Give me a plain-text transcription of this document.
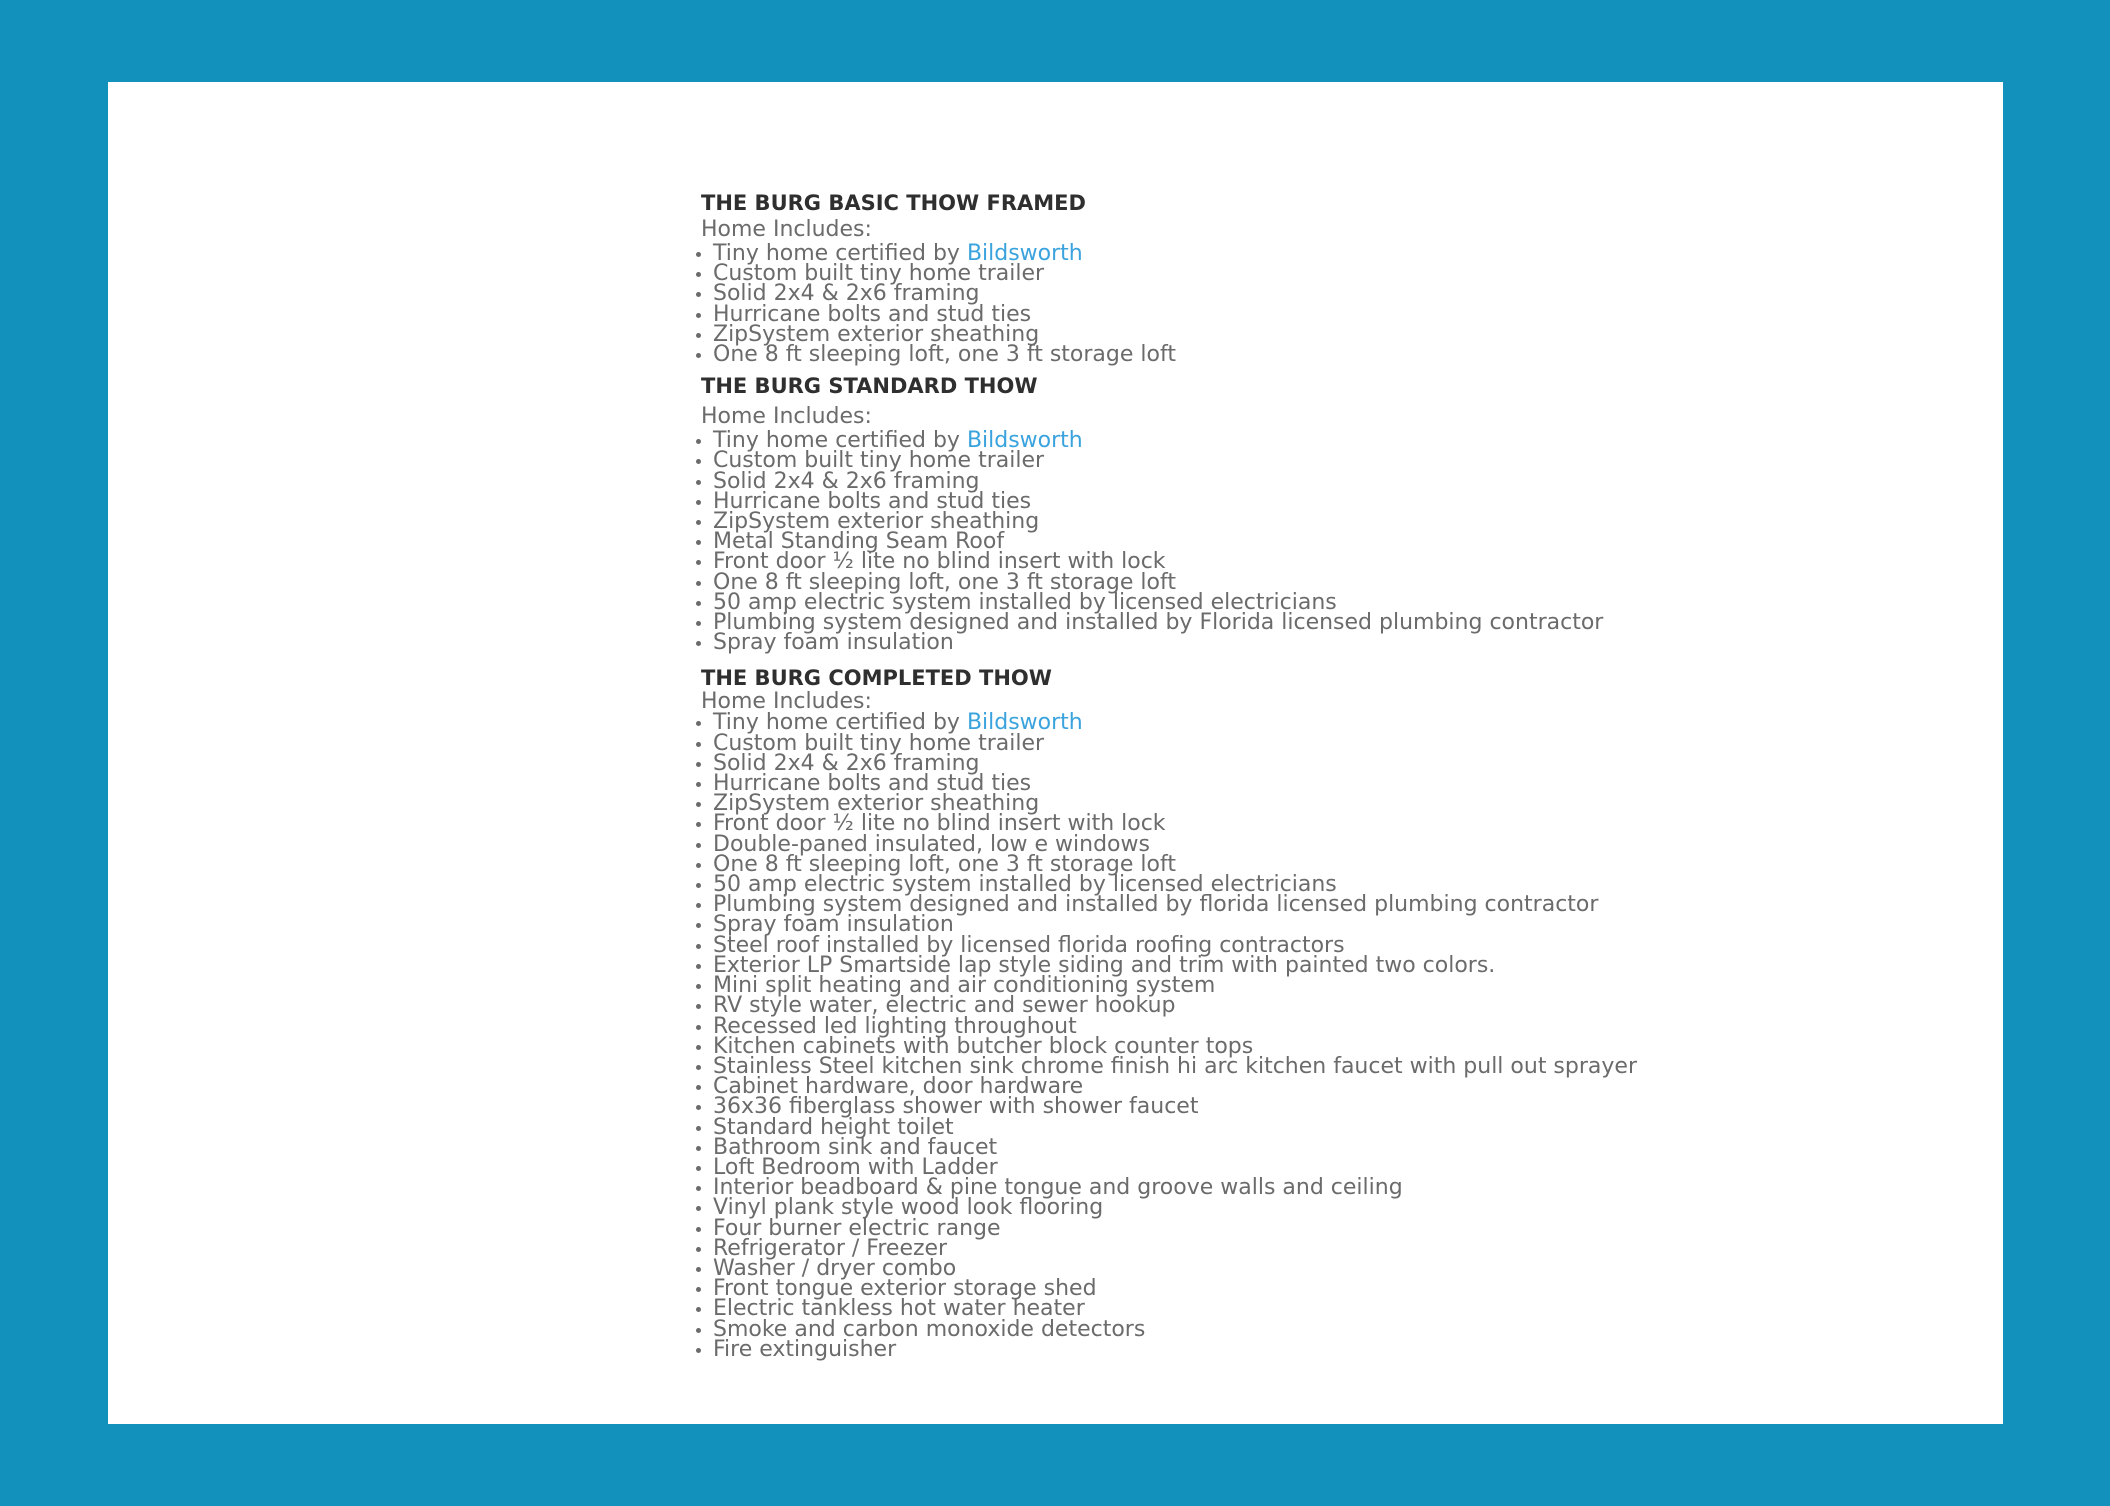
THE BURG BASIC THOW FRAMED

Home Includes:

• Tiny home certified by Bildsworth
• Custom built tiny home trailer
• Solid 2x4 & 2x6 framing
• Hurricane bolts and stud ties
• ZipSystem exterior sheathing
• One 8 ft sleeping loft, one 3 ft storage loft
THE BURG STANDARD THOW

Home Includes:

• Tiny home certified by Bildsworth
• Custom built tiny home trailer
• Solid 2x4 & 2x6 framing
• Hurricane bolts and stud ties
• ZipSystem exterior sheathing
• Metal Standing Seam Roof
• Front door ½ lite no blind insert with lock
• One 8 ft sleeping loft, one 3 ft storage loft
• 50 amp electric system installed by licensed electricians
• Plumbing system designed and installed by Florida licensed plumbing contractor
• Spray foam insulation
THE BURG COMPLETED THOW

Home Includes:

• Tiny home certified by Bildsworth
• Custom built tiny home trailer
• Solid 2x4 & 2x6 framing
• Hurricane bolts and stud ties
• ZipSystem exterior sheathing
• Front door ½ lite no blind insert with lock
• Double-paned insulated, low e windows
• One 8 ft sleeping loft, one 3 ft storage loft
• 50 amp electric system installed by licensed electricians
• Plumbing system designed and installed by florida licensed plumbing contractor
• Spray foam insulation
• Steel roof installed by licensed florida roofing contractors
• Exterior LP Smartside lap style siding and trim with painted two colors.
• Mini split heating and air conditioning system
• RV style water, electric and sewer hookup
• Recessed led lighting throughout
• Kitchen cabinets with butcher block counter tops
• Stainless Steel kitchen sink chrome finish hi arc kitchen faucet with pull out sprayer
• Cabinet hardware, door hardware
• 36x36 fiberglass shower with shower faucet
• Standard height toilet
• Bathroom sink and faucet
• Loft Bedroom with Ladder
• Interior beadboard & pine tongue and groove walls and ceiling
• Vinyl plank style wood look flooring
• Four burner electric range
• Refrigerator / Freezer
• Washer / dryer combo
• Front tongue exterior storage shed
• Electric tankless hot water heater
• Smoke and carbon monoxide detectors
• Fire extinguisher
